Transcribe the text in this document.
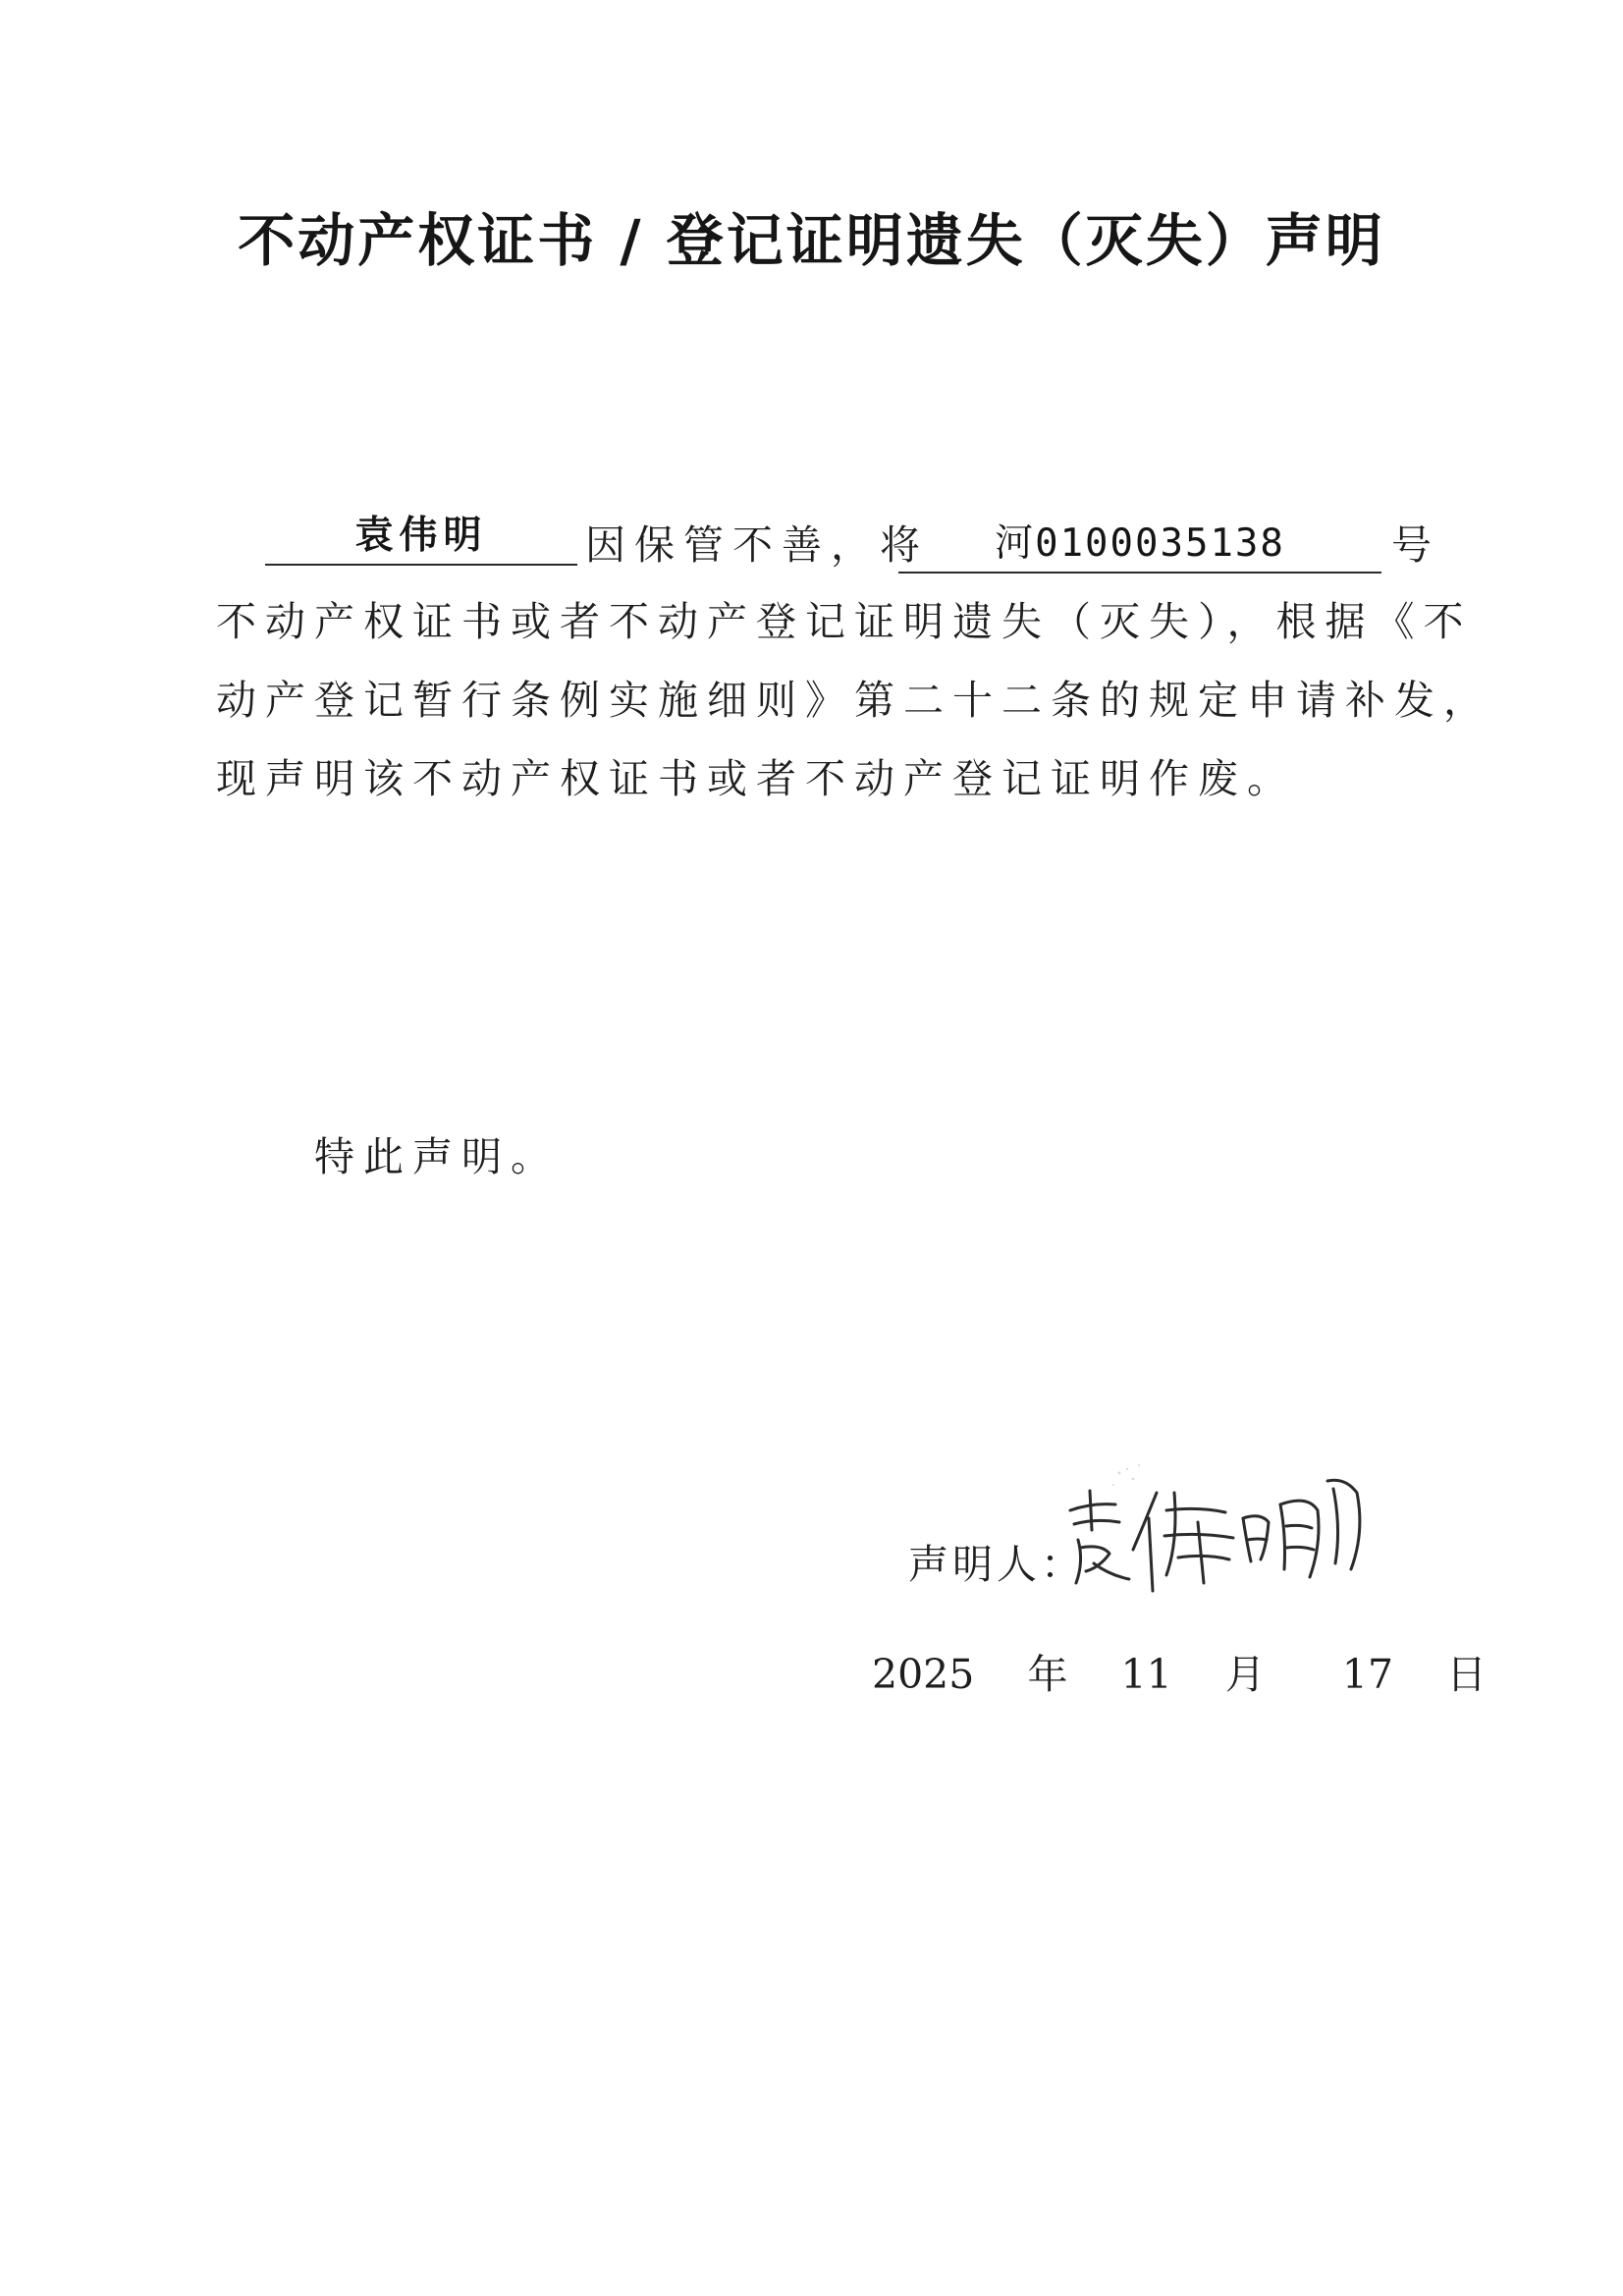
不动产权证书 / 登记证明遗失（灭失）声明
袁伟明	因保管不善，将	河0100035138	号
不动产权证书或者不动产登记证明遗失（灭失），根据《不
动产登记暂行条例实施细则》第二十二条的规定申请补发，
现声明该不动产权证书或者不动产登记证明作废。
特此声明。
声明人：
2025 年 11 月 17 日
